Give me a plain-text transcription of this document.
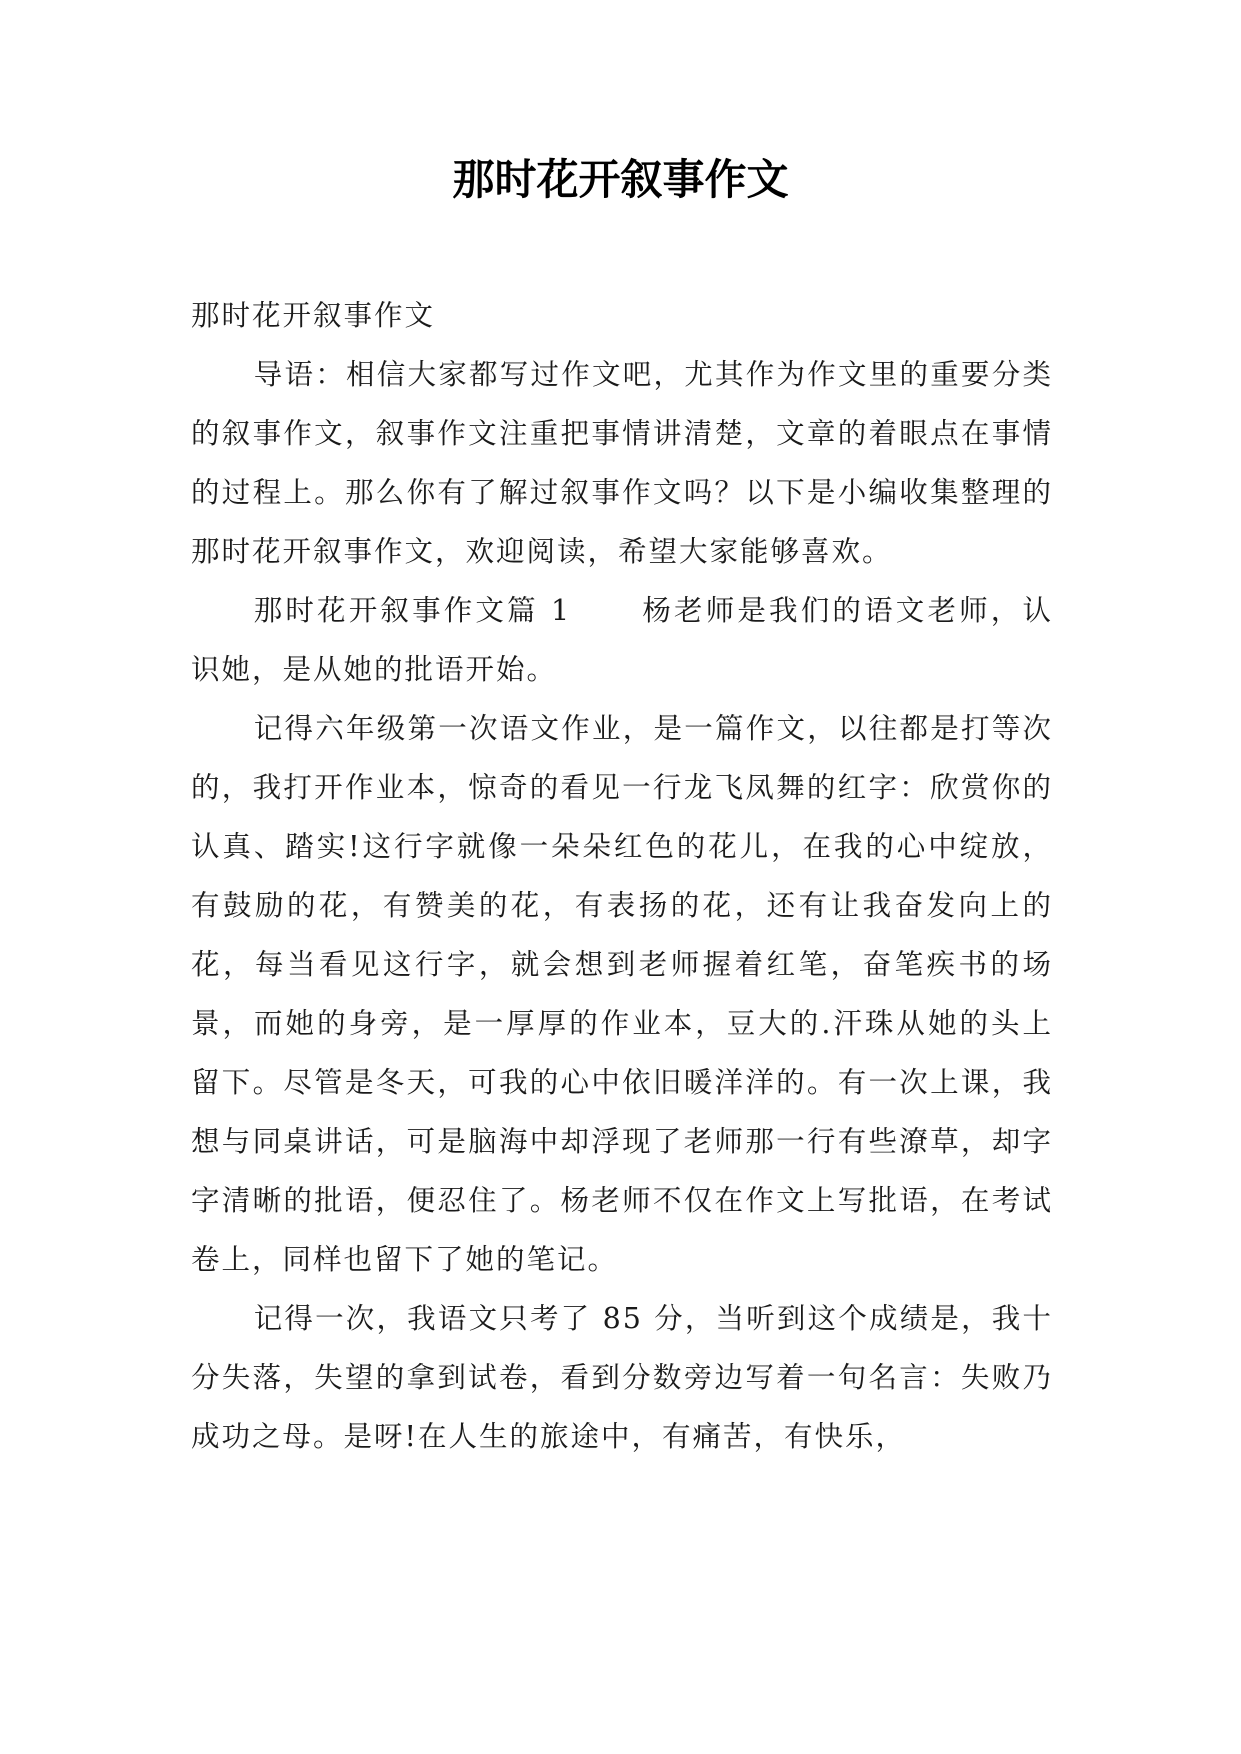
那时花开叙事作文

那时花开叙事作文

导语：相信大家都写过作文吧，尤其作为作文里的重要分类的叙事作文，叙事作文注重把事情讲清楚，文章的着眼点在事情的过程上。那么你有了解过叙事作文吗？以下是小编收集整理的那时花开叙事作文，欢迎阅读，希望大家能够喜欢。

那时花开叙事作文篇 1 杨老师是我们的语文老师，认识她，是从她的批语开始。

记得六年级第一次语文作业，是一篇作文，以往都是打等次的，我打开作业本，惊奇的看见一行龙飞凤舞的红字：欣赏你的认真、踏实!这行字就像一朵朵红色的花儿，在我的心中绽放，有鼓励的花，有赞美的花，有表扬的花，还有让我奋发向上的花，每当看见这行字，就会想到老师握着红笔，奋笔疾书的场景，而她的身旁，是一厚厚的作业本，豆大的.汗珠从她的头上留下。尽管是冬天，可我的心中依旧暖洋洋的。有一次上课，我想与同桌讲话，可是脑海中却浮现了老师那一行有些潦草，却字字清晰的批语，便忍住了。杨老师不仅在作文上写批语，在考试卷上，同样也留下了她的笔记。

记得一次，我语文只考了 85 分，当听到这个成绩是，我十分失落，失望的拿到试卷，看到分数旁边写着一句名言：失败乃成功之母。是呀!在人生的旅途中，有痛苦，有快乐，
